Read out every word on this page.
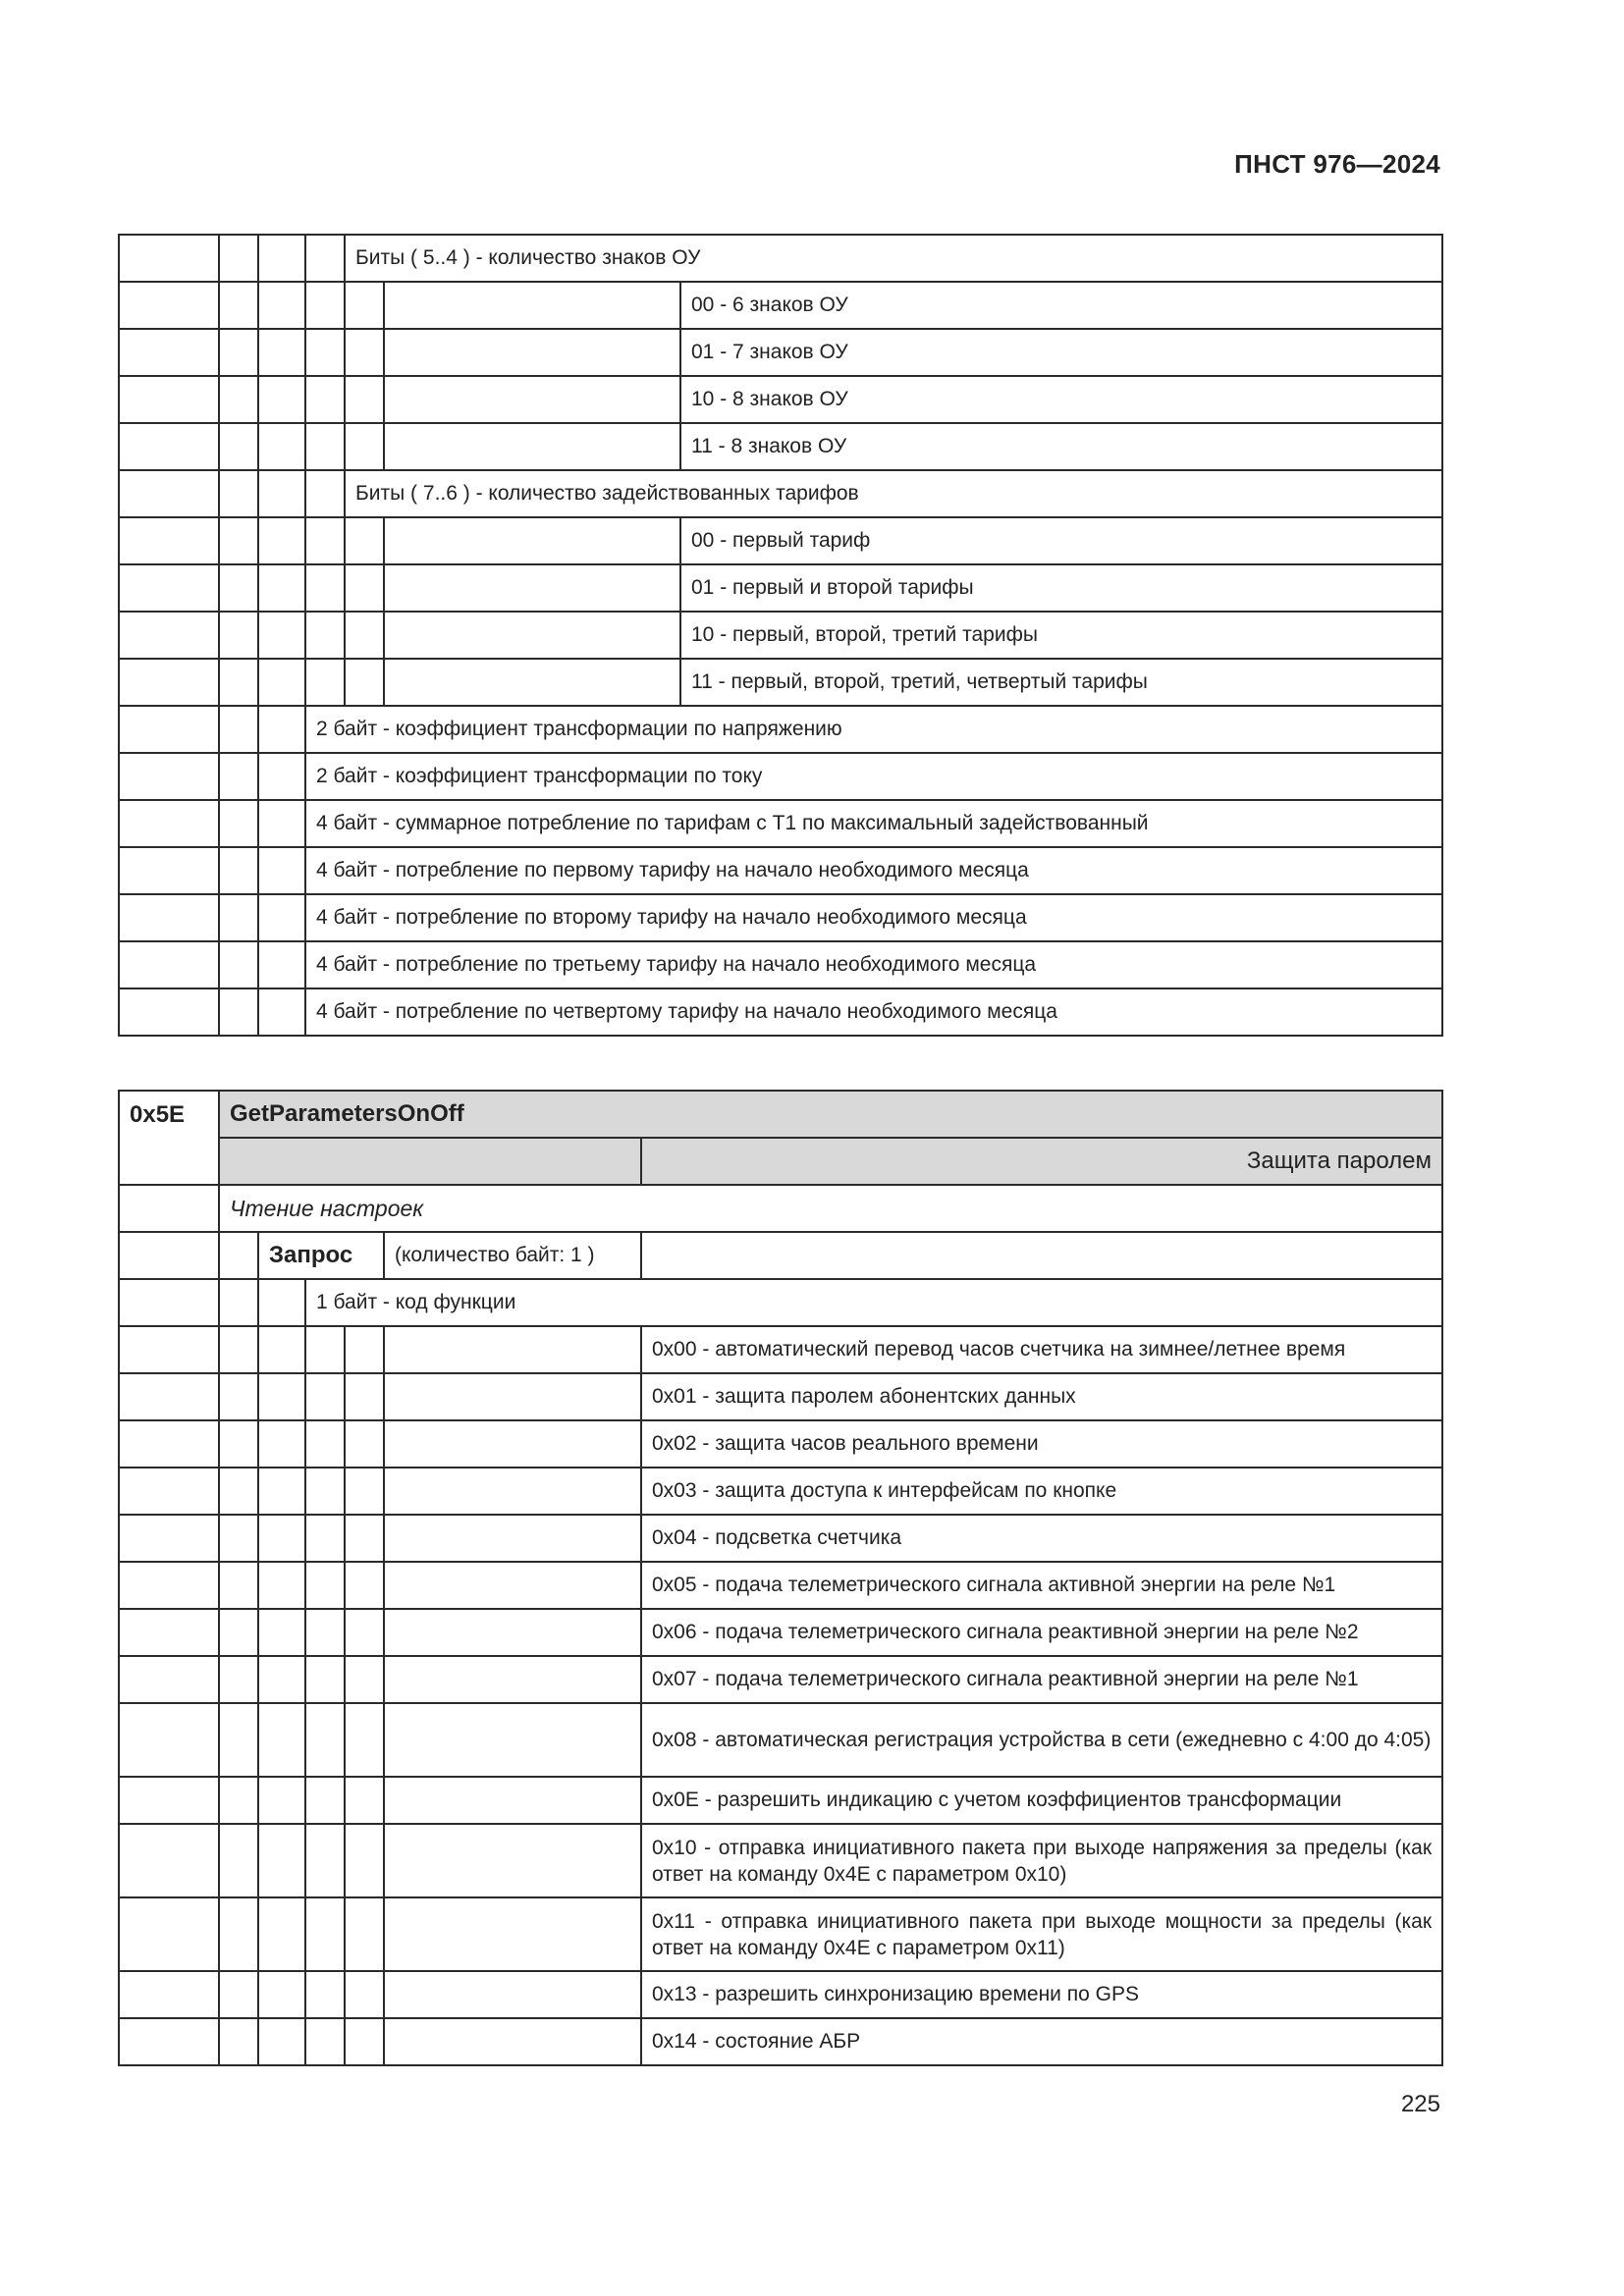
ПНСТ 976—2024
				Биты ( 5..4 ) - количество знаков ОУ		
						00 - 6 знаков ОУ
						01 - 7 знаков ОУ
						10 - 8 знаков ОУ
						11 - 8 знаков ОУ
				Биты ( 7..6 ) - количество задействованных тарифов		
						00 - первый тариф
						01 - первый и второй тарифы
						10 - первый, второй, третий тарифы
						11 - первый, второй, третий, четвертый тарифы
			2 байт - коэффициент трансформации по напряжению			
			2 байт - коэффициент трансформации по току			
			4 байт - суммарное потребление по тарифам с Т1 по максимальный задействованный			
			4 байт - потребление по первому тарифу на начало необходимого месяца			
			4 байт - потребление по второму тарифу на начало необходимого месяца			
			4 байт - потребление по третьему тарифу на начало необходимого месяца			
			4 байт - потребление по четвертому тарифу на начало необходимого месяца			
0x5E	GetParametersOnOff					
						Защита паролем
	Чтение настроек					
		Запрос			(количество байт: 1 )	
			1 байт - код функции			
						0x00 - автоматический перевод часов счетчика на зимнее/летнее время
						0x01 - защита паролем абонентских данных
						0x02 - защита часов реального времени
						0x03 - защита доступа к интерфейсам по кнопке
						0x04 - подсветка счетчика
						0x05 - подача телеметрического сигнала активной энергии на реле №1
						0x06 - подача телеметрического сигнала реактивной энергии на реле №2
						0x07 - подача телеметрического сигнала реактивной энергии на реле №1
						0x08 - автоматическая регистрация устройства в сети (ежедневно с 4:00 до 4:05)
						0x0E - разрешить индикацию с учетом коэффициентов трансформации
						0x10 - отправка инициативного пакета при выходе напряжения за пределы (как ответ на команду 0x4E с параметром 0x10)
						0x11 - отправка инициативного пакета при выходе мощности за пределы (как ответ на команду 0x4E с параметром 0x11)
						0x13 - разрешить синхронизацию времени по GPS
						0x14 - состояние АБР
225
